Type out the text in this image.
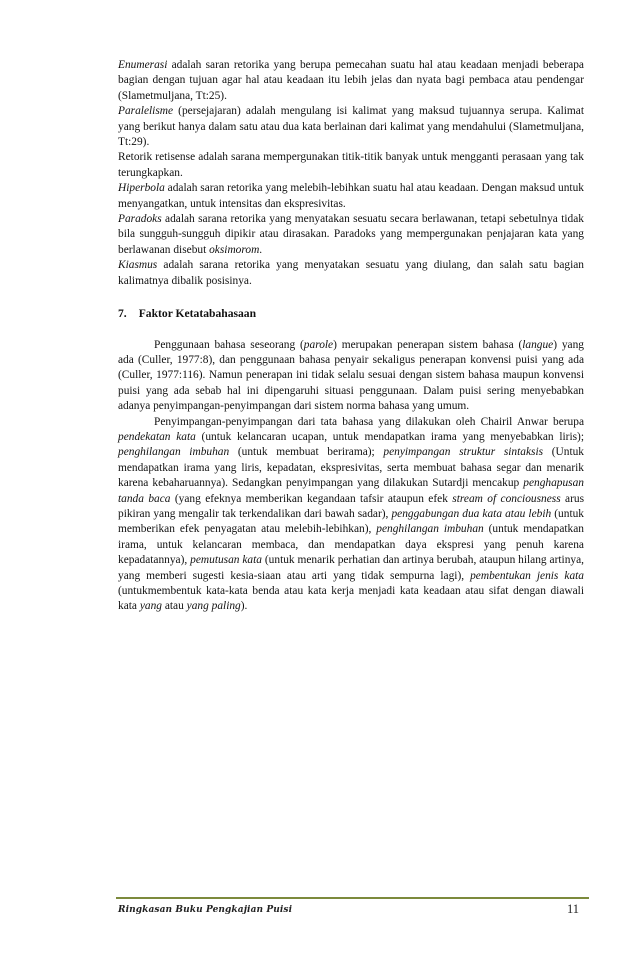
Enumerasi adalah saran retorika yang berupa pemecahan suatu hal atau keadaan menjadi beberapa bagian dengan tujuan agar hal atau keadaan itu lebih jelas dan nyata bagi pembaca atau pendengar (Slametmuljana, Tt:25).

Paralelisme (persejajaran) adalah mengulang isi kalimat yang maksud tujuannya serupa. Kalimat yang berikut hanya dalam satu atau dua kata berlainan dari kalimat yang mendahului (Slametmuljana, Tt:29).

Retorik retisense adalah sarana mempergunakan titik-titik banyak untuk mengganti perasaan yang tak terungkapkan.

Hiperbola adalah saran retorika yang melebih-lebihkan suatu hal atau keadaan. Dengan maksud untuk menyangatkan, untuk intensitas dan ekspresivitas.

Paradoks adalah sarana retorika yang menyatakan sesuatu secara berlawanan, tetapi sebetulnya tidak bila sungguh-sungguh dipikir atau dirasakan. Paradoks yang mempergunakan penjajaran kata yang berlawanan disebut oksimorom.

Kiasmus adalah sarana retorika yang menyatakan sesuatu yang diulang, dan salah satu bagian kalimatnya dibalik posisinya.

7. Faktor Ketatabahasaan

Penggunaan bahasa seseorang (parole) merupakan penerapan sistem bahasa (langue) yang ada (Culler, 1977:8), dan penggunaan bahasa penyair sekaligus penerapan konvensi puisi yang ada (Culler, 1977:116). Namun penerapan ini tidak selalu sesuai dengan sistem bahasa maupun konvensi puisi yang ada sebab hal ini dipengaruhi situasi penggunaan. Dalam puisi sering menyebabkan adanya penyimpangan-penyimpangan dari sistem norma bahasa yang umum.

Penyimpangan-penyimpangan dari tata bahasa yang dilakukan oleh Chairil Anwar berupa pendekatan kata (untuk kelancaran ucapan, untuk mendapatkan irama yang menyebabkan liris); penghilangan imbuhan (untuk membuat berirama); penyimpangan struktur sintaksis (Untuk mendapatkan irama yang liris, kepadatan, ekspresivitas, serta membuat bahasa segar dan menarik karena kebaharuannya). Sedangkan penyimpangan yang dilakukan Sutardji mencakup penghapusan tanda baca (yang efeknya memberikan kegandaan tafsir ataupun efek stream of conciousness arus pikiran yang mengalir tak terkendalikan dari bawah sadar), penggabungan dua kata atau lebih (untuk memberikan efek penyagatan atau melebih-lebihkan), penghilangan imbuhan (untuk mendapatkan irama, untuk kelancaran membaca, dan mendapatkan daya ekspresi yang penuh karena kepadatannya), pemutusan kata (untuk menarik perhatian dan artinya berubah, ataupun hilang artinya, yang memberi sugesti kesia-siaan atau arti yang tidak sempurna lagi), pembentukan jenis kata (untukmembentuk kata-kata benda atau kata kerja menjadi kata keadaan atau sifat dengan diawali kata yang atau yang paling).

Ringkasan Buku Pengkajian Puisi	11
